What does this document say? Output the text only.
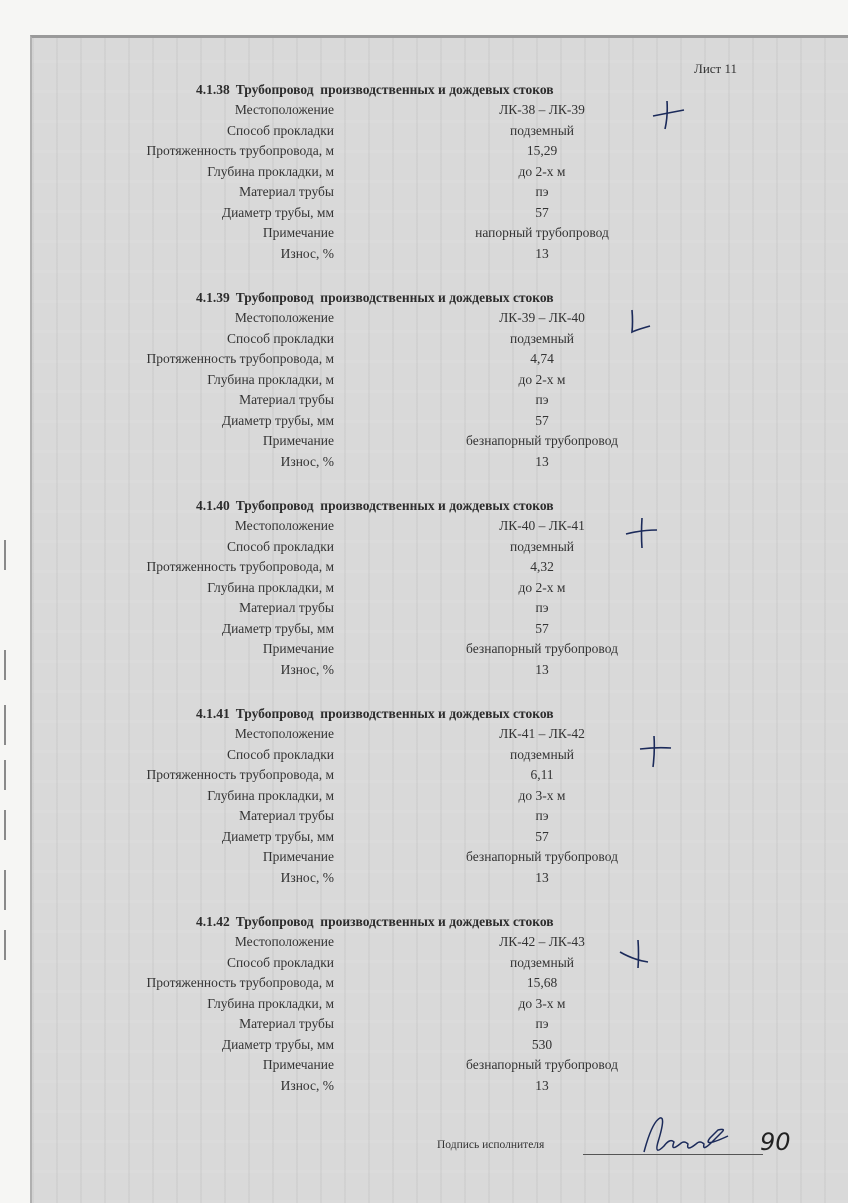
Лист 11
4.1.38 Трубопровод  производственных и дождевых стоков
Местоположение	ЛК-38 – ЛК-39
Способ прокладки	подземный
Протяженность трубопровода, м	15,29
Глубина прокладки, м	до 2-х м
Материал трубы	пэ
Диаметр трубы, мм	57
Примечание	напорный трубопровод
Износ, %	13
4.1.39 Трубопровод  производственных и дождевых стоков
Местоположение	ЛК-39 – ЛК-40
Способ прокладки	подземный
Протяженность трубопровода, м	4,74
Глубина прокладки, м	до 2-х м
Материал трубы	пэ
Диаметр трубы, мм	57
Примечание	безнапорный трубопровод
Износ, %	13
4.1.40 Трубопровод  производственных и дождевых стоков
Местоположение	ЛК-40 – ЛК-41
Способ прокладки	подземный
Протяженность трубопровода, м	4,32
Глубина прокладки, м	до 2-х м
Материал трубы	пэ
Диаметр трубы, мм	57
Примечание	безнапорный трубопровод
Износ, %	13
4.1.41 Трубопровод  производственных и дождевых стоков
Местоположение	ЛК-41 – ЛК-42
Способ прокладки	подземный
Протяженность трубопровода, м	6,11
Глубина прокладки, м	до 3-х м
Материал трубы	пэ
Диаметр трубы, мм	57
Примечание	безнапорный трубопровод
Износ, %	13
4.1.42 Трубопровод  производственных и дождевых стоков
Местоположение	ЛК-42 – ЛК-43
Способ прокладки	подземный
Протяженность трубопровода, м	15,68
Глубина прокладки, м	до 3-х м
Материал трубы	пэ
Диаметр трубы, мм	530
Примечание	безнапорный трубопровод
Износ, %	13
Подпись исполнителя	90
